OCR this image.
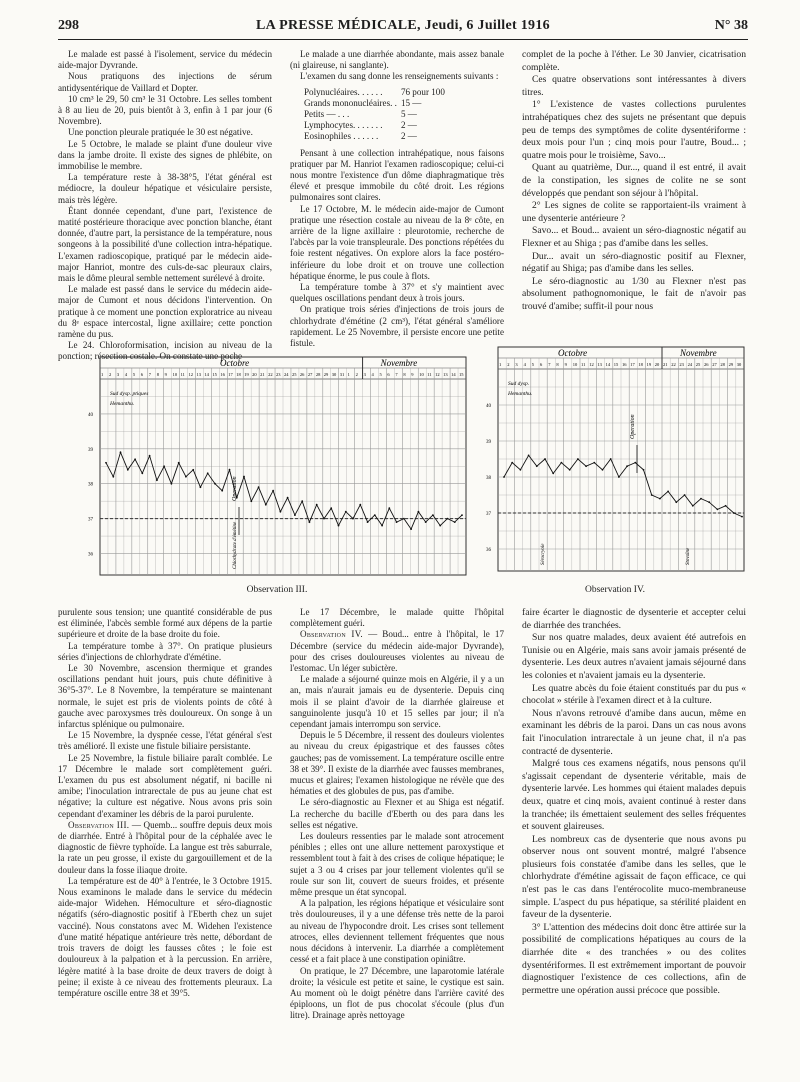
298	LA PRESSE MÉDICALE, Jeudi, 6 Juillet 1916	N° 38

Le malade est passé à l'isolement, service du médecin aide-major Dyvrande.

Nous pratiquons des injections de sérum antidysentérique de Vaillard et Dopter.

10 cm³ le 29, 50 cm³ le 31 Octobre. Les selles tombent à 8 au lieu de 20, puis bientôt à 3, enfin à 1 par jour (6 Novembre).

Une ponction pleurale pratiquée le 30 est négative.

Le 5 Octobre, le malade se plaint d'une douleur vive dans la jambe droite. Il existe des signes de phlébite, on immobilise le membre.

La température reste à 38-38°5, l'état général est médiocre, la douleur hépatique et vésiculaire persiste, mais très légère.

Étant donnée cependant, d'une part, l'existence de matité postérieure thoracique avec ponction blanche, étant donnée, d'autre part, la persistance de la température, nous songeons à la possibilité d'une collection intra-hépatique. L'examen radioscopique, pratiqué par le médecin aide-major Hanriot, montre des culs-de-sac pleuraux clairs, mais le dôme pleural semble nettement surélevé à droite.

Le malade est passé dans le service du médecin aide-major de Cumont et nous décidons l'intervention. On pratique à ce moment une ponction exploratrice au niveau du 8ᵉ espace intercostal, ligne axillaire; cette ponction ramène du pus.

Le 24. Chloroformisation, incision au niveau de la ponction; résection costale. On constate une poche

Le malade a une diarrhée abondante, mais assez banale (ni glaireuse, ni sanglante).

L'examen du sang donne les renseignements suivants :

Polynucléaires. . . . . .	76 pour 100
Grands mononucléaires. .	15 —
Petits — . . .	5 —
Lymphocytes. . . . . . .	2 —
Eosinophiles . . . . . .	2 —

Pensant à une collection intrahépatique, nous faisons pratiquer par M. Hanriot l'examen radioscopique; celui-ci nous montre l'existence d'un dôme diaphragmatique très élevé et presque immobile du côté droit. Les régions pulmonaires sont claires.

Le 17 Octobre, M. le médecin aide-major de Cumont pratique une résection costale au niveau de la 8ᵉ côte, en arrière de la ligne axillaire : pleurotomie, recherche de l'abcès par la voie transpleurale. Des ponctions répétées du foie restent négatives. On explore alors la face postéro-inférieure du lobe droit et on trouve une collection hépatique énorme, le pus coule à flots.

La température tombe à 37° et s'y maintient avec quelques oscillations pendant deux à trois jours.

On pratique trois séries d'injections de trois jours de chlorhydrate d'émétine (2 cm³), l'état général s'améliore rapidement. Le 25 Novembre, il persiste encore une petite fistule.

complet de la poche à l'éther. Le 30 Janvier, cicatrisation complète.

Ces quatre observations sont intéressantes à divers titres.

1° L'existence de vastes collections purulentes intrahépatiques chez des sujets ne présentant que depuis peu de temps des symptômes de colite dysentériforme : deux mois pour l'un ; cinq mois pour l'autre, Boud... ; quatre mois pour le troisième, Savo...

Quant au quatrième, Dur..., quand il est entré, il avait de la constipation, les signes de colite ne se sont développés que pendant son séjour à l'hôpital.

2° Les signes de colite se rapportaient-ils vraiment à une dysenterie antérieure ?

Savo... et Boud... avaient un séro-diagnostic négatif au Flexner et au Shiga ; pas d'amibe dans les selles.

Dur... avait un séro-diagnostic positif au Flexner, négatif au Shiga; pas d'amibe dans les selles.

Le séro-diagnostic au 1/30 au Flexner n'est pas absolument pathognomonique, le fait de n'avoir pas trouvé d'amibe; suffit-il pour nous

36
37
38
39
40
Octobre	Novembre
1 2 3 4 5 6 7 8 9 10 11 12 13 14 15 16 17 18 19 20 21 22 23 24 25 26 27 28 29 30 31 1 2 3 4 5 6 7 8 9 10 11 12 13 14 15
Sud dysp. ptiques
Hemanthu.
Operation
Chlorhydrate d'émétine
Observation III.
36
37
38
39
40
Octobre	Novembre
1 2 3 4 5 6 7 8 9 10 11 12 13 14 15 16 17 18 19 20 21 22 23 24 25 26 27 28 29 30
Sud dysp.
Hemanthu.
Operation
Sérocryole	Stovaïne
Observation IV.

purulente sous tension; une quantité considérable de pus est éliminée, l'abcès semble formé aux dépens de la partie supérieure et droite de la base droite du foie.

La température tombe à 37°. On pratique plusieurs séries d'injections de chlorhydrate d'émétine.

Le 30 Novembre, ascension thermique et grandes oscillations pendant huit jours, puis chute définitive à 36°5-37°. Le 8 Novembre, la température se maintenant normale, le sujet est pris de violents points de côté à gauche avec paroxysmes très douloureux. On songe à un infarctus splénique ou pulmonaire.

Le 15 Novembre, la dyspnée cesse, l'état général s'est très amélioré. Il existe une fistule biliaire persistante.

Le 25 Novembre, la fistule biliaire paraît comblée. Le 17 Décembre le malade sort complètement guéri. L'examen du pus est absolument négatif, ni bacille ni amibe; l'inoculation intrarectale de pus au jeune chat est négative; la culture est négative. Nous avons pris soin cependant d'examiner les débris de la paroi purulente.

Observation III. — Quemb... souffre depuis deux mois de diarrhée. Entré à l'hôpital pour de la céphalée avec le diagnostic de fièvre typhoïde. La langue est très saburrale, la rate un peu grosse, il existe du gargouillement et de la douleur dans la fosse iliaque droite.

La température est de 40° à l'entrée, le 3 Octobre 1915. Nous examinons le malade dans le service du médecin aide-major Widehen. Hémoculture et séro-diagnostic négatifs (séro-diagnostic positif à l'Eberth chez un sujet vacciné). Nous constatons avec M. Widehen l'existence d'une matité hépatique antérieure très nette, débordant de trois travers de doigt les fausses côtes ; le foie est douloureux à la palpation et à la percussion. En arrière, légère matité à la base droite de deux travers de doigt à peine; il existe à ce niveau des frottements pleuraux. La température oscille entre 38 et 39°5.

Le 17 Décembre, le malade quitte l'hôpital complètement guéri.

Observation IV. — Boud... entre à l'hôpital, le 17 Décembre (service du médecin aide-major Dyvrande), pour des crises douloureuses violentes au niveau de l'estomac. Un léger subictère.

Le malade a séjourné quinze mois en Algérie, il y a un an, mais n'aurait jamais eu de dysenterie. Depuis cinq mois il se plaint d'avoir de la diarrhée glaireuse et sanguinolente jusqu'à 10 et 15 selles par jour; il n'a cependant jamais interrompu son service.

Depuis le 5 Décembre, il ressent des douleurs violentes au niveau du creux épigastrique et des fausses côtes gauches; pas de vomissement. La température oscille entre 38 et 39°. Il existe de la diarrhée avec fausses membranes, mucus et glaires; l'examen histologique ne révèle que des hématies et des globules de pus, pas d'amibe.

Le séro-diagnostic au Flexner et au Shiga est négatif. La recherche du bacille d'Eberth ou des para dans les selles est négative.

Les douleurs ressenties par le malade sont atrocement pénibles ; elles ont une allure nettement paroxystique et ressemblent tout à fait à des crises de colique hépatique; le sujet a 3 ou 4 crises par jour tellement violentes qu'il se roule sur son lit, couvert de sueurs froides, et présente même presque un état syncopal.

A la palpation, les régions hépatique et vésiculaire sont très douloureuses, il y a une défense très nette de la paroi au niveau de l'hypocondre droit. Les crises sont tellement atroces, elles deviennent tellement fréquentes que nous nous décidons à intervenir. La diarrhée a complètement cessé et a fait place à une constipation opiniâtre.

On pratique, le 27 Décembre, une laparotomie latérale droite; la vésicule est petite et saine, le cystique est sain. Au moment où le doigt pénètre dans l'arrière cavité des épiploons, un flot de pus chocolat s'écoule (plus d'un litre). Drainage après nettoyage

faire écarter le diagnostic de dysenterie et accepter celui de diarrhée des tranchées.

Sur nos quatre malades, deux avaient été autrefois en Tunisie ou en Algérie, mais sans avoir jamais présenté de dysenterie. Les deux autres n'avaient jamais séjourné dans les colonies et n'avaient jamais eu la dysenterie.

Les quatre abcès du foie étaient constitués par du pus « chocolat » stérile à l'examen direct et à la culture.

Nous n'avons retrouvé d'amibe dans aucun, même en examinant les débris de la paroi. Dans un cas nous avons fait l'inoculation intrarectale à un jeune chat, il n'a pas contracté de dysenterie.

Malgré tous ces examens négatifs, nous pensons qu'il s'agissait cependant de dysenterie véritable, mais de dysenterie larvée. Les hommes qui étaient malades depuis deux, quatre et cinq mois, avaient continué à rester dans la tranchée; ils émettaient seulement des selles fréquentes et souvent glaireuses.

Les nombreux cas de dysenterie que nous avons pu observer nous ont souvent montré, malgré l'absence plusieurs fois constatée d'amibe dans les selles, que le chlorhydrate d'émétine agissait de façon efficace, ce qui n'est pas le cas dans l'entérocolite muco-membraneuse simple. L'aspect du pus hépatique, sa stérilité plaident en faveur de la dysenterie.

3° L'attention des médecins doit donc être attirée sur la possibilité de complications hépatiques au cours de la diarrhée dite « des tranchées » ou des colites dysentériformes. Il est extrêmement important de pouvoir diagnostiquer l'existence de ces collections, afin de permettre une opération aussi précoce que possible.
